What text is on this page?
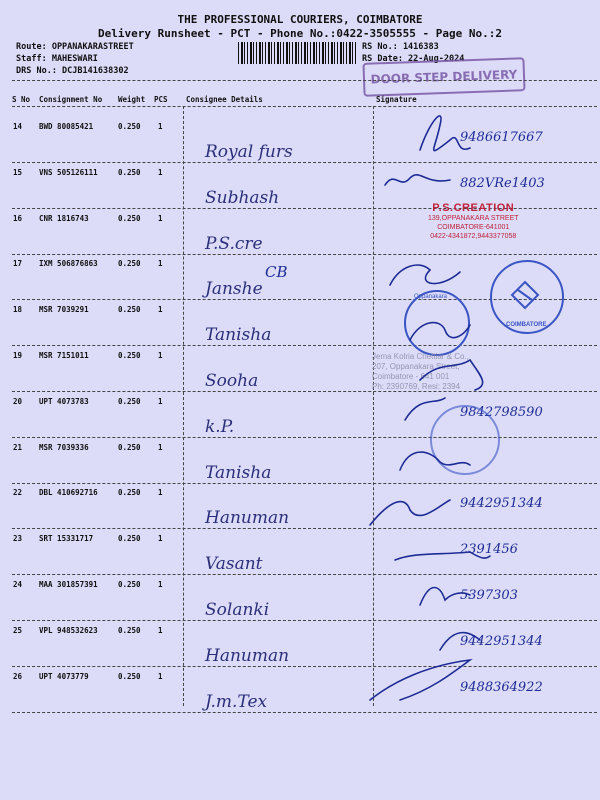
THE PROFESSIONAL COURIERS, COIMBATORE
Delivery Runsheet - PCT - Phone No.:0422-3505555 - Page No.:2
Route: OPPANAKARASTREET
Staff: MAHESWARI
DRS No.: DCJB141638302
RS No.: 1416383
RS Date: 22-Aug-2024
DOOR STEP DELIVERY
S No Consignment No Weight PCS Consignee Details	Signature
14 BWD 80085421	0.250 1
Royal furs
9486617667
15 VNS 505126111	0.250 1
Subhash
882VRe1403
16 CNR 1816743	0.250 1
P.S.cre
17 IXM 506876863	0.250 1
Janshe
CB
18 MSR 7039291	0.250 1
Tanisha
19 MSR 7151011	0.250 1
Sooha
20 UPT 4073783	0.250 1
k.P.
9842798590
21 MSR 7039336	0.250 1
Tanisha
22 DBL 410692716	0.250 1
Hanuman
9442951344
23 SRT 15331717	0.250 1
Vasant
2391456
24 MAA 301857391	0.250 1
Solanki
5397303
25 VPL 948532623	0.250 1
Hanuman
9442951344
26 UPT 4073779	0.250 1
J.m.Tex
9488364922
P.S.CREATION
139,OPPANAKARA STREET
COIMBATORE-641001
0422-4341872,9443377058
COIMBATORE
Oppanakara
Jema Kolria Chettiar & Co.,
207, Oppanakara Street,
Coimbatore - 641 001
Ph: 2390769, Resi: 2394
